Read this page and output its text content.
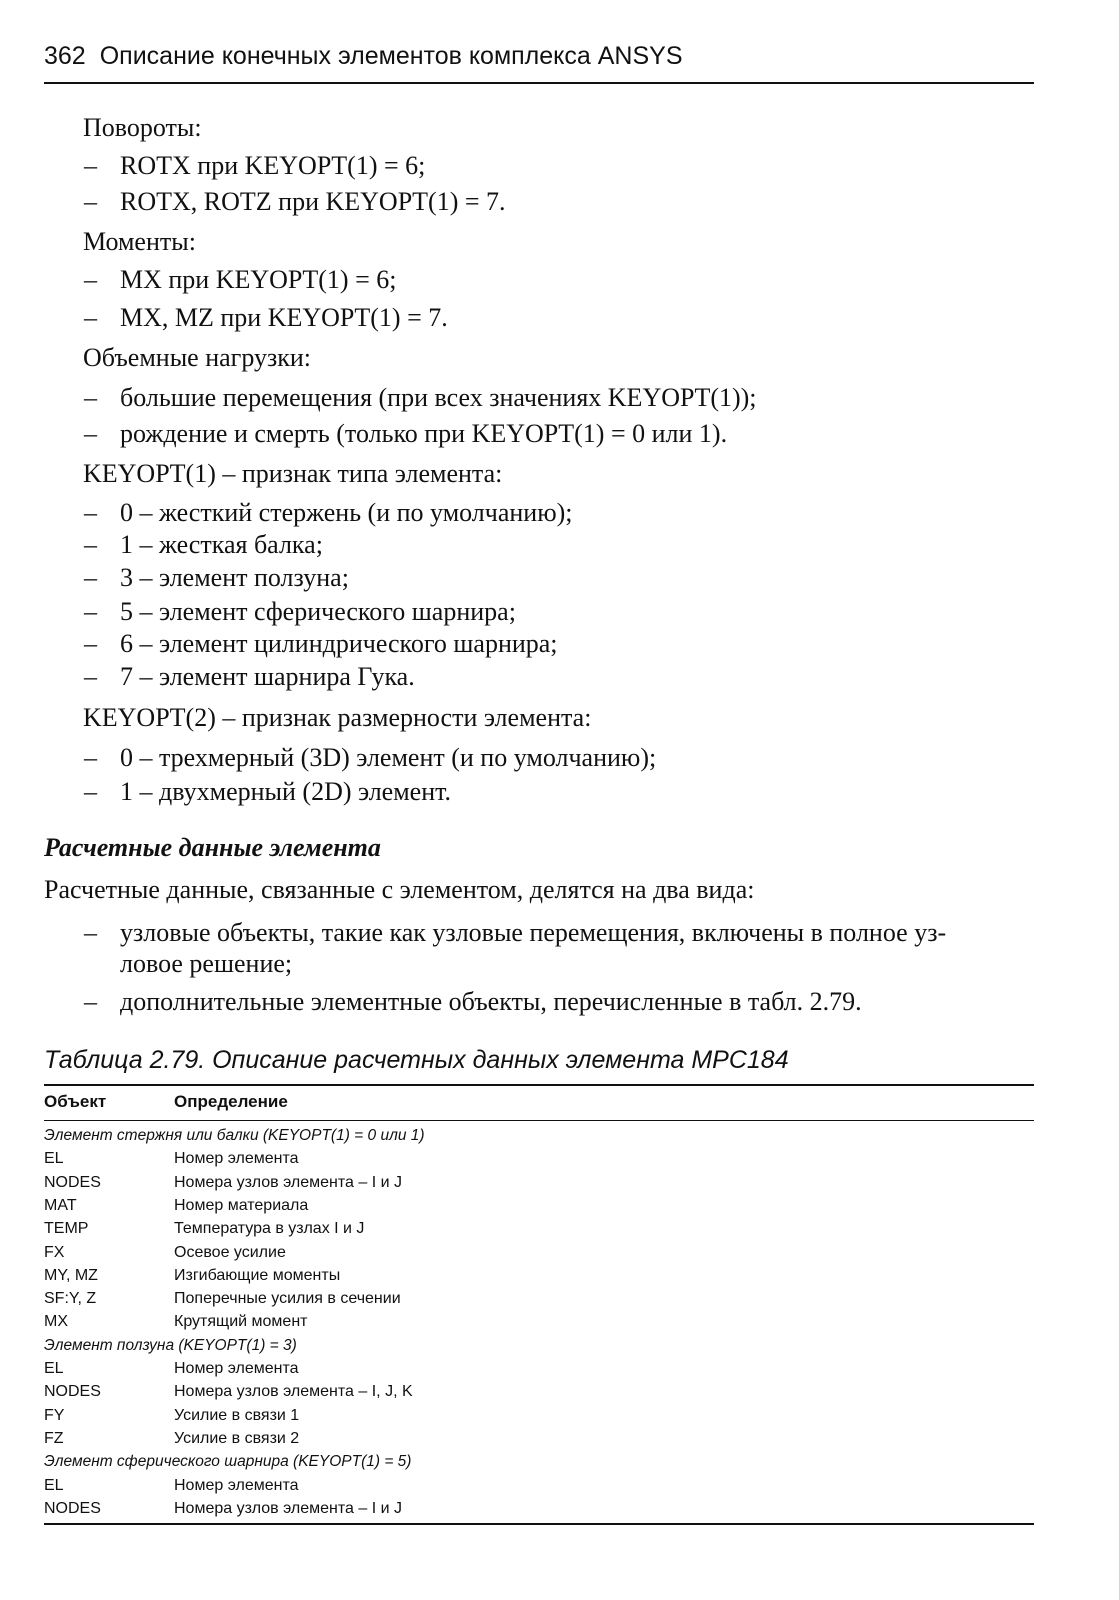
362 Описание конечных элементов комплекса ANSYS
Повороты:
– ROTX при KEYOPT(1) = 6;
– ROTX, ROTZ при KEYOPT(1) = 7.
Моменты:
– MX при KEYOPT(1) = 6;
– MX, MZ при KEYOPT(1) = 7.
Объемные нагрузки:
– большие перемещения (при всех значениях KEYOPT(1));
– рождение и смерть (только при KEYOPT(1) = 0 или 1).
KEYOPT(1) – признак типа элемента:
– 0 – жесткий стержень (и по умолчанию);
– 1 – жесткая балка;
– 3 – элемент ползуна;
– 5 – элемент сферического шарнира;
– 6 – элемент цилиндрического шарнира;
– 7 – элемент шарнира Гука.
KEYOPT(2) – признак размерности элемента:
– 0 – трехмерный (3D) элемент (и по умолчанию);
– 1 – двухмерный (2D) элемент.
Расчетные данные, связанные с элементом, делятся на два вида:
– узловые объекты, такие как узловые перемещения, включены в полное уз-
ловое решение;
– дополнительные элементные объекты, перечисленные в табл. 2.79.
Расчетные данные элемента
Таблица 2.79. Описание расчетных данных элемента MPC184
Объект	Определение
Элемент стержня или балки (KEYOPT(1) = 0 или 1)
EL	Номер элемента
NODES	Номера узлов элемента – I и J
MAT	Номер материала
TEMP	Температура в узлах I и J
FX	Осевое усилие
MY, MZ	Изгибающие моменты
SF:Y, Z	Поперечные усилия в сечении
MX	Крутящий момент
Элемент ползуна (KEYOPT(1) = 3)
EL	Номер элемента
NODES	Номера узлов элемента – I, J, K
FY	Усилие в связи 1
FZ	Усилие в связи 2
Элемент сферического шарнира (KEYOPT(1) = 5)
EL	Номер элемента
NODES	Номера узлов элемента – I и J
